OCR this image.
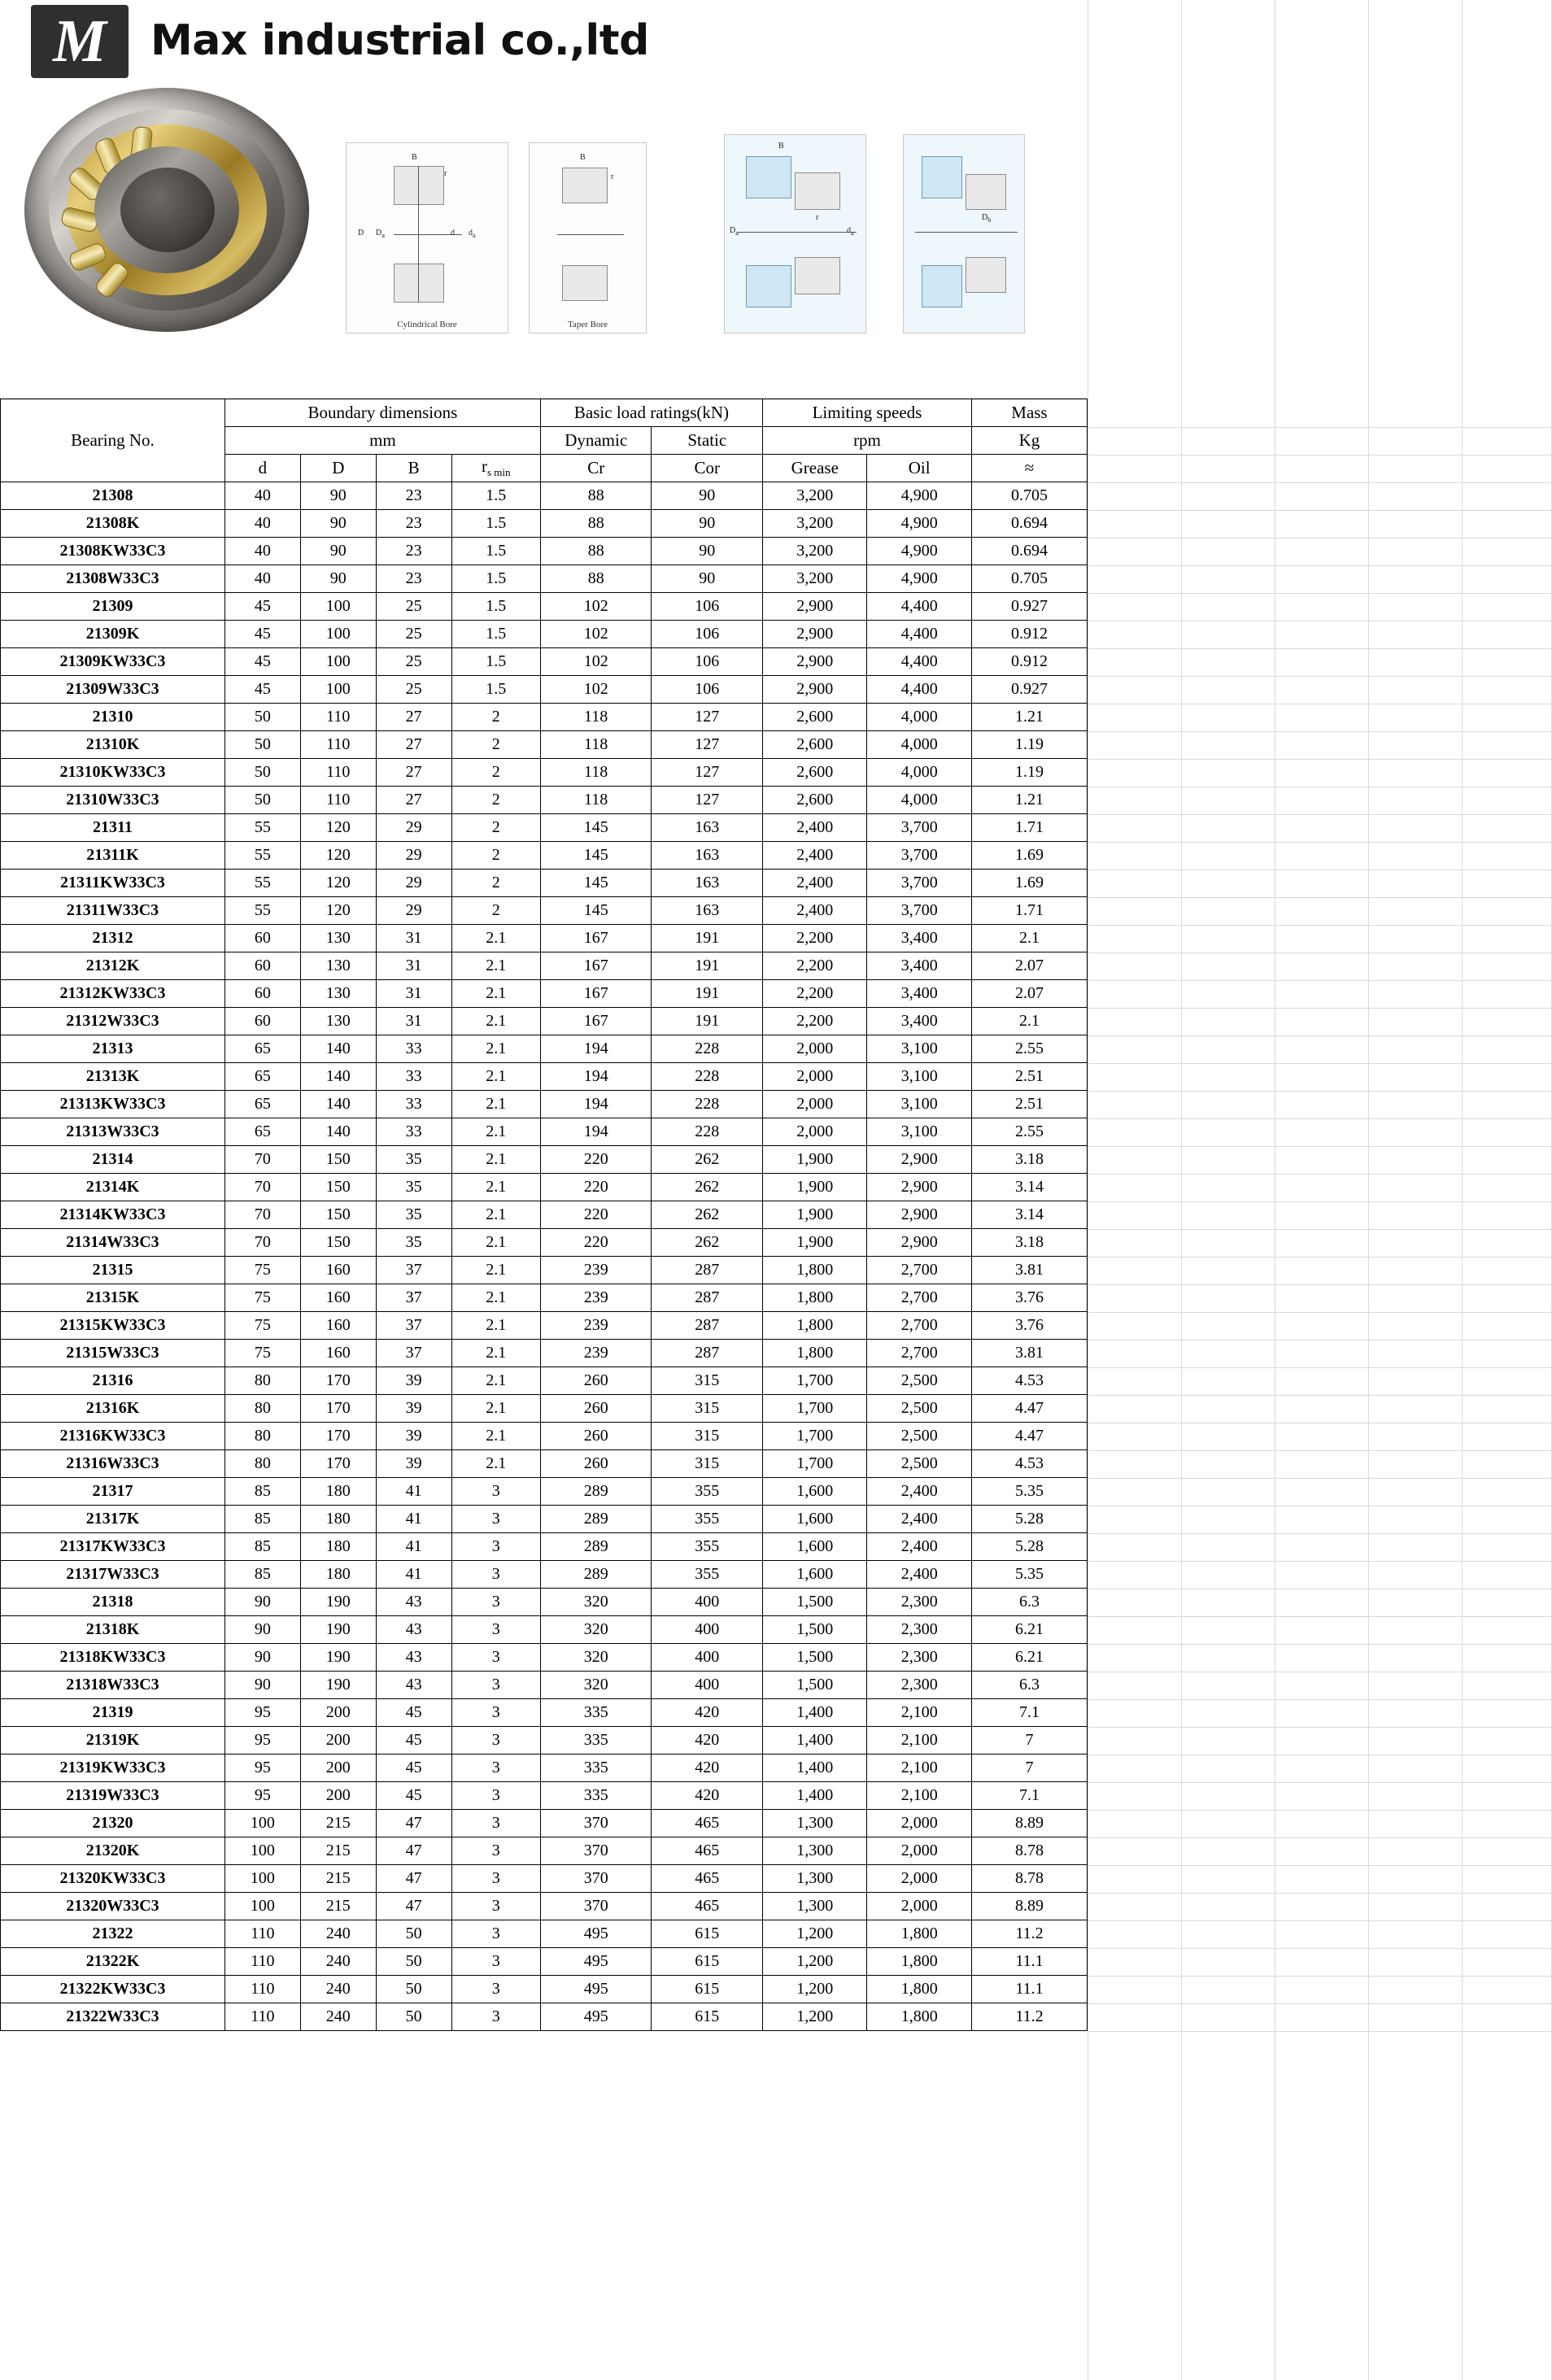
M
Max industrial co.,ltd
B
D $D_a$	d $d_a$
r
Cylindrical Bore
B
r
Taper Bore
B
$D_a$	$d_a$
r	$D_b$
Bearing No.	Boundary dimensions				Basic load ratings(kN)		Limiting speeds		Mass
	mm				Dynamic	Static	rpm		Kg
	d	D	B	$r_{s min}$	Cr	Cor	Grease	Oil	≈
21308	40	90	23	1.5	88	90	3,200	4,900	0.705
21308K	40	90	23	1.5	88	90	3,200	4,900	0.694
21308KW33C3	40	90	23	1.5	88	90	3,200	4,900	0.694
21308W33C3	40	90	23	1.5	88	90	3,200	4,900	0.705
21309	45	100	25	1.5	102	106	2,900	4,400	0.927
21309K	45	100	25	1.5	102	106	2,900	4,400	0.912
21309KW33C3	45	100	25	1.5	102	106	2,900	4,400	0.912
21309W33C3	45	100	25	1.5	102	106	2,900	4,400	0.927
21310	50	110	27	2	118	127	2,600	4,000	1.21
21310K	50	110	27	2	118	127	2,600	4,000	1.19
21310KW33C3	50	110	27	2	118	127	2,600	4,000	1.19
21310W33C3	50	110	27	2	118	127	2,600	4,000	1.21
21311	55	120	29	2	145	163	2,400	3,700	1.71
21311K	55	120	29	2	145	163	2,400	3,700	1.69
21311KW33C3	55	120	29	2	145	163	2,400	3,700	1.69
21311W33C3	55	120	29	2	145	163	2,400	3,700	1.71
21312	60	130	31	2.1	167	191	2,200	3,400	2.1
21312K	60	130	31	2.1	167	191	2,200	3,400	2.07
21312KW33C3	60	130	31	2.1	167	191	2,200	3,400	2.07
21312W33C3	60	130	31	2.1	167	191	2,200	3,400	2.1
21313	65	140	33	2.1	194	228	2,000	3,100	2.55
21313K	65	140	33	2.1	194	228	2,000	3,100	2.51
21313KW33C3	65	140	33	2.1	194	228	2,000	3,100	2.51
21313W33C3	65	140	33	2.1	194	228	2,000	3,100	2.55
21314	70	150	35	2.1	220	262	1,900	2,900	3.18
21314K	70	150	35	2.1	220	262	1,900	2,900	3.14
21314KW33C3	70	150	35	2.1	220	262	1,900	2,900	3.14
21314W33C3	70	150	35	2.1	220	262	1,900	2,900	3.18
21315	75	160	37	2.1	239	287	1,800	2,700	3.81
21315K	75	160	37	2.1	239	287	1,800	2,700	3.76
21315KW33C3	75	160	37	2.1	239	287	1,800	2,700	3.76
21315W33C3	75	160	37	2.1	239	287	1,800	2,700	3.81
21316	80	170	39	2.1	260	315	1,700	2,500	4.53
21316K	80	170	39	2.1	260	315	1,700	2,500	4.47
21316KW33C3	80	170	39	2.1	260	315	1,700	2,500	4.47
21316W33C3	80	170	39	2.1	260	315	1,700	2,500	4.53
21317	85	180	41	3	289	355	1,600	2,400	5.35
21317K	85	180	41	3	289	355	1,600	2,400	5.28
21317KW33C3	85	180	41	3	289	355	1,600	2,400	5.28
21317W33C3	85	180	41	3	289	355	1,600	2,400	5.35
21318	90	190	43	3	320	400	1,500	2,300	6.3
21318K	90	190	43	3	320	400	1,500	2,300	6.21
21318KW33C3	90	190	43	3	320	400	1,500	2,300	6.21
21318W33C3	90	190	43	3	320	400	1,500	2,300	6.3
21319	95	200	45	3	335	420	1,400	2,100	7.1
21319K	95	200	45	3	335	420	1,400	2,100	7
21319KW33C3	95	200	45	3	335	420	1,400	2,100	7
21319W33C3	95	200	45	3	335	420	1,400	2,100	7.1
21320	100	215	47	3	370	465	1,300	2,000	8.89
21320K	100	215	47	3	370	465	1,300	2,000	8.78
21320KW33C3	100	215	47	3	370	465	1,300	2,000	8.78
21320W33C3	100	215	47	3	370	465	1,300	2,000	8.89
21322	110	240	50	3	495	615	1,200	1,800	11.2
21322K	110	240	50	3	495	615	1,200	1,800	11.1
21322KW33C3	110	240	50	3	495	615	1,200	1,800	11.1
21322W33C3	110	240	50	3	495	615	1,200	1,800	11.2
